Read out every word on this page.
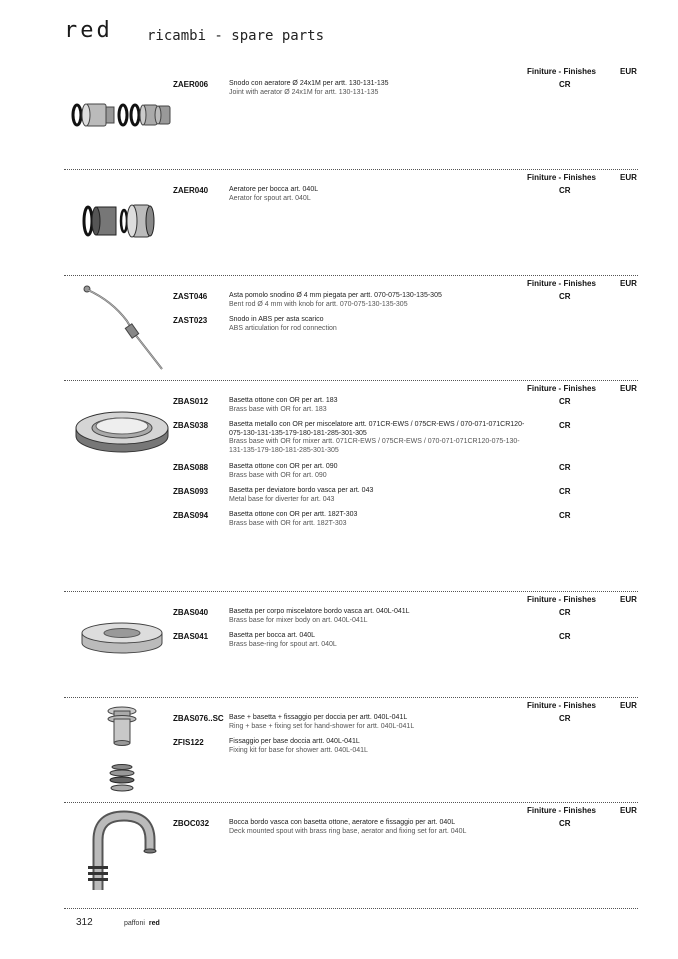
red ricambi - spare parts
Finiture - Finishes	EUR
ZAER006	Snodo con aeratore Ø 24x1M per artt. 130-131-135
Joint with aerator Ø 24x1M for artt. 130-131-135
CR
Finiture - Finishes	EUR
ZAER040	Aeratore per bocca art. 040L
Aerator for spout art. 040L
CR
Finiture - Finishes	EUR
ZAST046	Asta pomolo snodino Ø 4 mm piegata per artt. 070-075-130-135-305
Bent rod Ø 4 mm with knob for artt. 070-075-130-135-305
CR
ZAST023	Snodo in ABS per asta scarico
ABS articulation for rod connection
Finiture - Finishes	EUR
ZBAS012	Basetta ottone con OR per art. 183
Brass base with OR for art. 183
CR
ZBAS038	Basetta metallo con OR per miscelatore artt. 071CR-EWS / 075CR-EWS / 070-071-071CR120-075-130-131-135-179-180-181-285-301-305
Brass base with OR for mixer artt. 071CR-EWS / 075CR-EWS / 070-071-071CR120-075-130-131-135-179-180-181-285-301-305
CR
ZBAS088	Basetta ottone con OR per art. 090
Brass base with OR for art. 090
CR
ZBAS093	Basetta per deviatore bordo vasca per art. 043
Metal base for diverter for art. 043
CR
ZBAS094	Basetta ottone con OR per artt. 182T-303
Brass base with OR for artt. 182T-303
CR
Finiture - Finishes	EUR
ZBAS040	Basetta per corpo miscelatore bordo vasca art. 040L-041L
Brass base for mixer body on art. 040L-041L
CR
ZBAS041	Basetta per bocca art. 040L
Brass base-ring for spout art. 040L
CR
Finiture - Finishes	EUR
ZBAS076..SC Base + basetta + fissaggio per doccia per artt. 040L-041L
Ring + base + fixing set for hand-shower for artt. 040L-041L
CR
ZFIS122	Fissaggio per base doccia artt. 040L-041L
Fixing kit for base for shower artt. 040L-041L
Finiture - Finishes	EUR
ZBOC032	Bocca bordo vasca con basetta ottone, aeratore e fissaggio per art. 040L
Deck mounted spout with brass ring base, aerator and fixing set for art. 040L
CR
312	paffoni red
